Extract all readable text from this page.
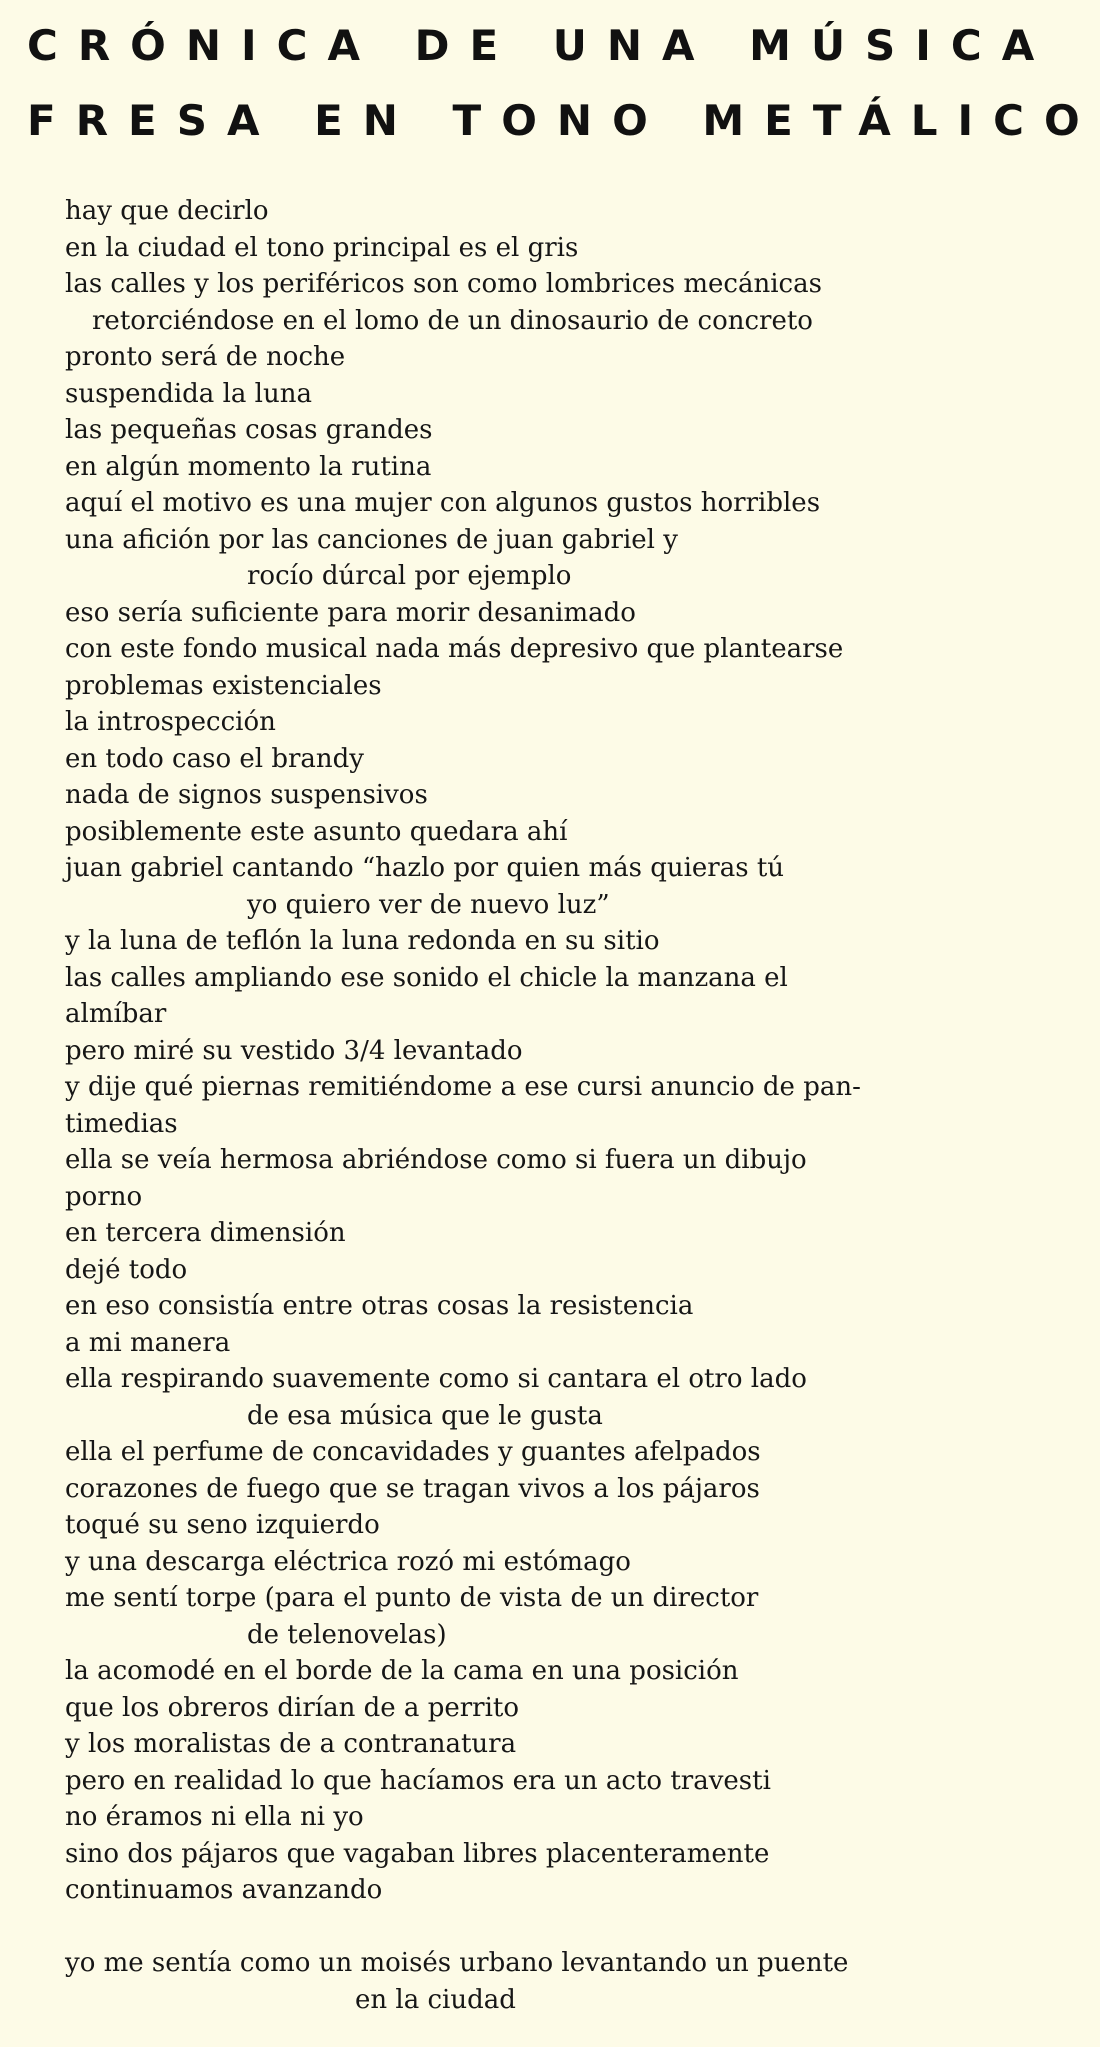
CRÓNICA DE UNA MÚSICA
FRESA EN TONO METÁLICO
hay que decirlo
en la ciudad el tono principal es el gris
las calles y los periféricos son como lombrices mecánicas
retorciéndose en el lomo de un dinosaurio de concreto
pronto será de noche
suspendida la luna
las pequeñas cosas grandes
en algún momento la rutina
aquí el motivo es una mujer con algunos gustos horribles
una afición por las canciones de juan gabriel y
rocío dúrcal por ejemplo
eso sería suficiente para morir desanimado
con este fondo musical nada más depresivo que plantearse
problemas existenciales
la introspección
en todo caso el brandy
nada de signos suspensivos
posiblemente este asunto quedara ahí
juan gabriel cantando “hazlo por quien más quieras tú
yo quiero ver de nuevo luz”
y la luna de teflón la luna redonda en su sitio
las calles ampliando ese sonido el chicle la manzana el
almíbar
pero miré su vestido 3/4 levantado
y dije qué piernas remitiéndome a ese cursi anuncio de pan-
timedias
ella se veía hermosa abriéndose como si fuera un dibujo
porno
en tercera dimensión
dejé todo
en eso consistía entre otras cosas la resistencia
a mi manera
ella respirando suavemente como si cantara el otro lado
de esa música que le gusta
ella el perfume de concavidades y guantes afelpados
corazones de fuego que se tragan vivos a los pájaros
toqué su seno izquierdo
y una descarga eléctrica rozó mi estómago
me sentí torpe (para el punto de vista de un director
de telenovelas)
la acomodé en el borde de la cama en una posición
que los obreros dirían de a perrito
y los moralistas de a contranatura
pero en realidad lo que hacíamos era un acto travesti
no éramos ni ella ni yo
sino dos pájaros que vagaban libres placenteramente
continuamos avanzando
yo me sentía como un moisés urbano levantando un puente
en la ciudad
